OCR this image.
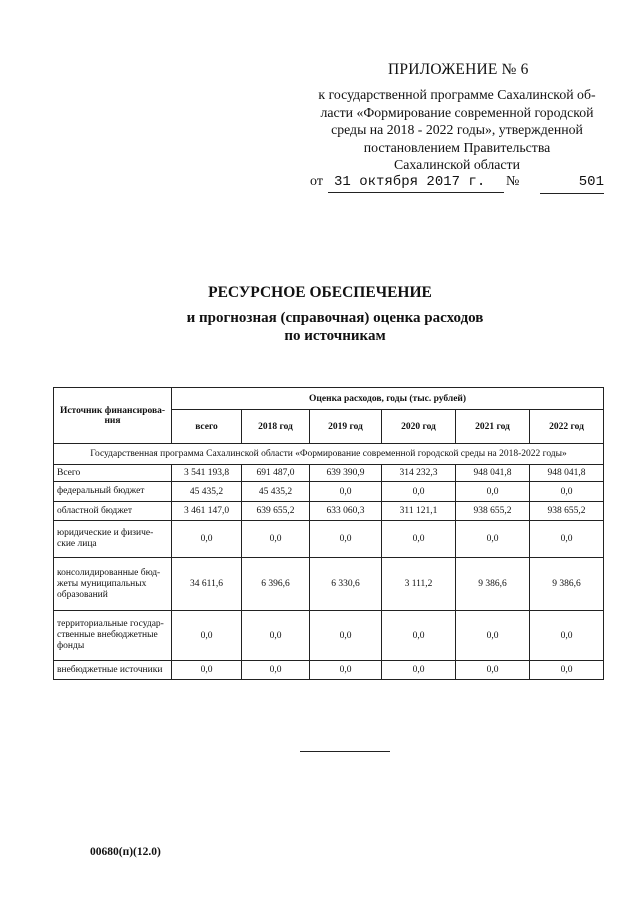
ПРИЛОЖЕНИЕ № 6
к государственной программе Сахалинской об-
ласти «Формирование современной городской
среды на 2018 - 2022 годы», утвержденной
постановлением Правительства
Сахалинской области
от 31 октября 2017 г.	№	501
РЕСУРСНОЕ ОБЕСПЕЧЕНИЕ
и прогнозная (справочная) оценка расходов по источникам
Источник финансирова-ния	Оценка расходов, годы (тыс. рублей)					
	всего	2018 год	2019 год	2020 год	2021 год	2022 год
Государственная программа Сахалинской области «Формирование современной городской среды на 2018-2022 годы»						
Всего	3 541 193,8	691 487,0	639 390,9	314 232,3	948 041,8	948 041,8
федеральный бюджет	45 435,2	45 435,2	0,0	0,0	0,0	0,0
областной бюджет	3 461 147,0	639 655,2	633 060,3	311 121,1	938 655,2	938 655,2
юридические и физиче-ские лица	0,0	0,0	0,0	0,0	0,0	0,0
консолидированные бюд-жеты муниципальных образований	34 611,6	6 396,6	6 330,6	3 111,2	9 386,6	9 386,6
территориальные государ-ственные внебюджетные фонды	0,0	0,0	0,0	0,0	0,0	0,0
внебюджетные источники	0,0	0,0	0,0	0,0	0,0	0,0
00680(п)(12.0)
